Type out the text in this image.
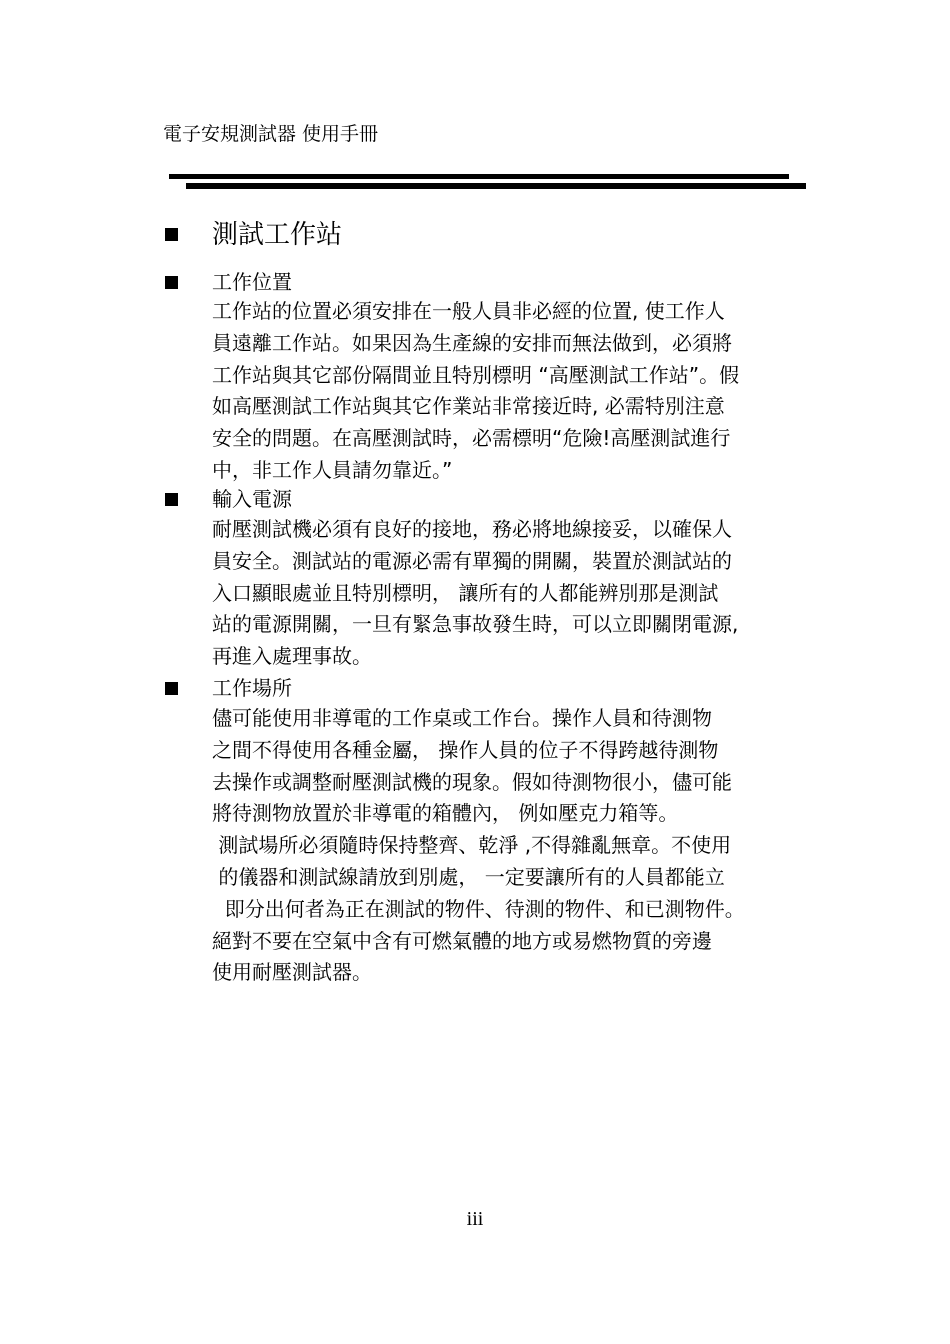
電子安規測試器 使用手冊
測試工作站
工作位置
工作站的位置必須安排在一般人員非必經的位置, 使工作人
員遠離工作站。如果因為生產線的安排而無法做到，必須將
工作站與其它部份隔間並且特別標明 “高壓測試工作站”。假
如高壓測試工作站與其它作業站非常接近時, 必需特別注意
安全的問題。在高壓測試時，必需標明“危險!高壓測試進行
中，非工作人員請勿靠近。”
輸入電源
耐壓測試機必須有良好的接地，務必將地線接妥，以確保人
員安全。測試站的電源必需有單獨的開關，裝置於測試站的
入口顯眼處並且特別標明， 讓所有的人都能辨別那是測試
站的電源開關，一旦有緊急事故發生時，可以立即關閉電源,
再進入處理事故。
工作場所
儘可能使用非導電的工作桌或工作台。操作人員和待測物
之間不得使用各種金屬， 操作人員的位子不得跨越待測物
去操作或調整耐壓測試機的現象。假如待測物很小，儘可能
將待測物放置於非導電的箱體內， 例如壓克力箱等。
測試場所必須隨時保持整齊、乾淨 ,不得雜亂無章。不使用
的儀器和測試線請放到別處， 一定要讓所有的人員都能立
即分出何者為正在測試的物件、待測的物件、和已測物件。
絕對不要在空氣中含有可燃氣體的地方或易燃物質的旁邊
使用耐壓測試器。
iii
